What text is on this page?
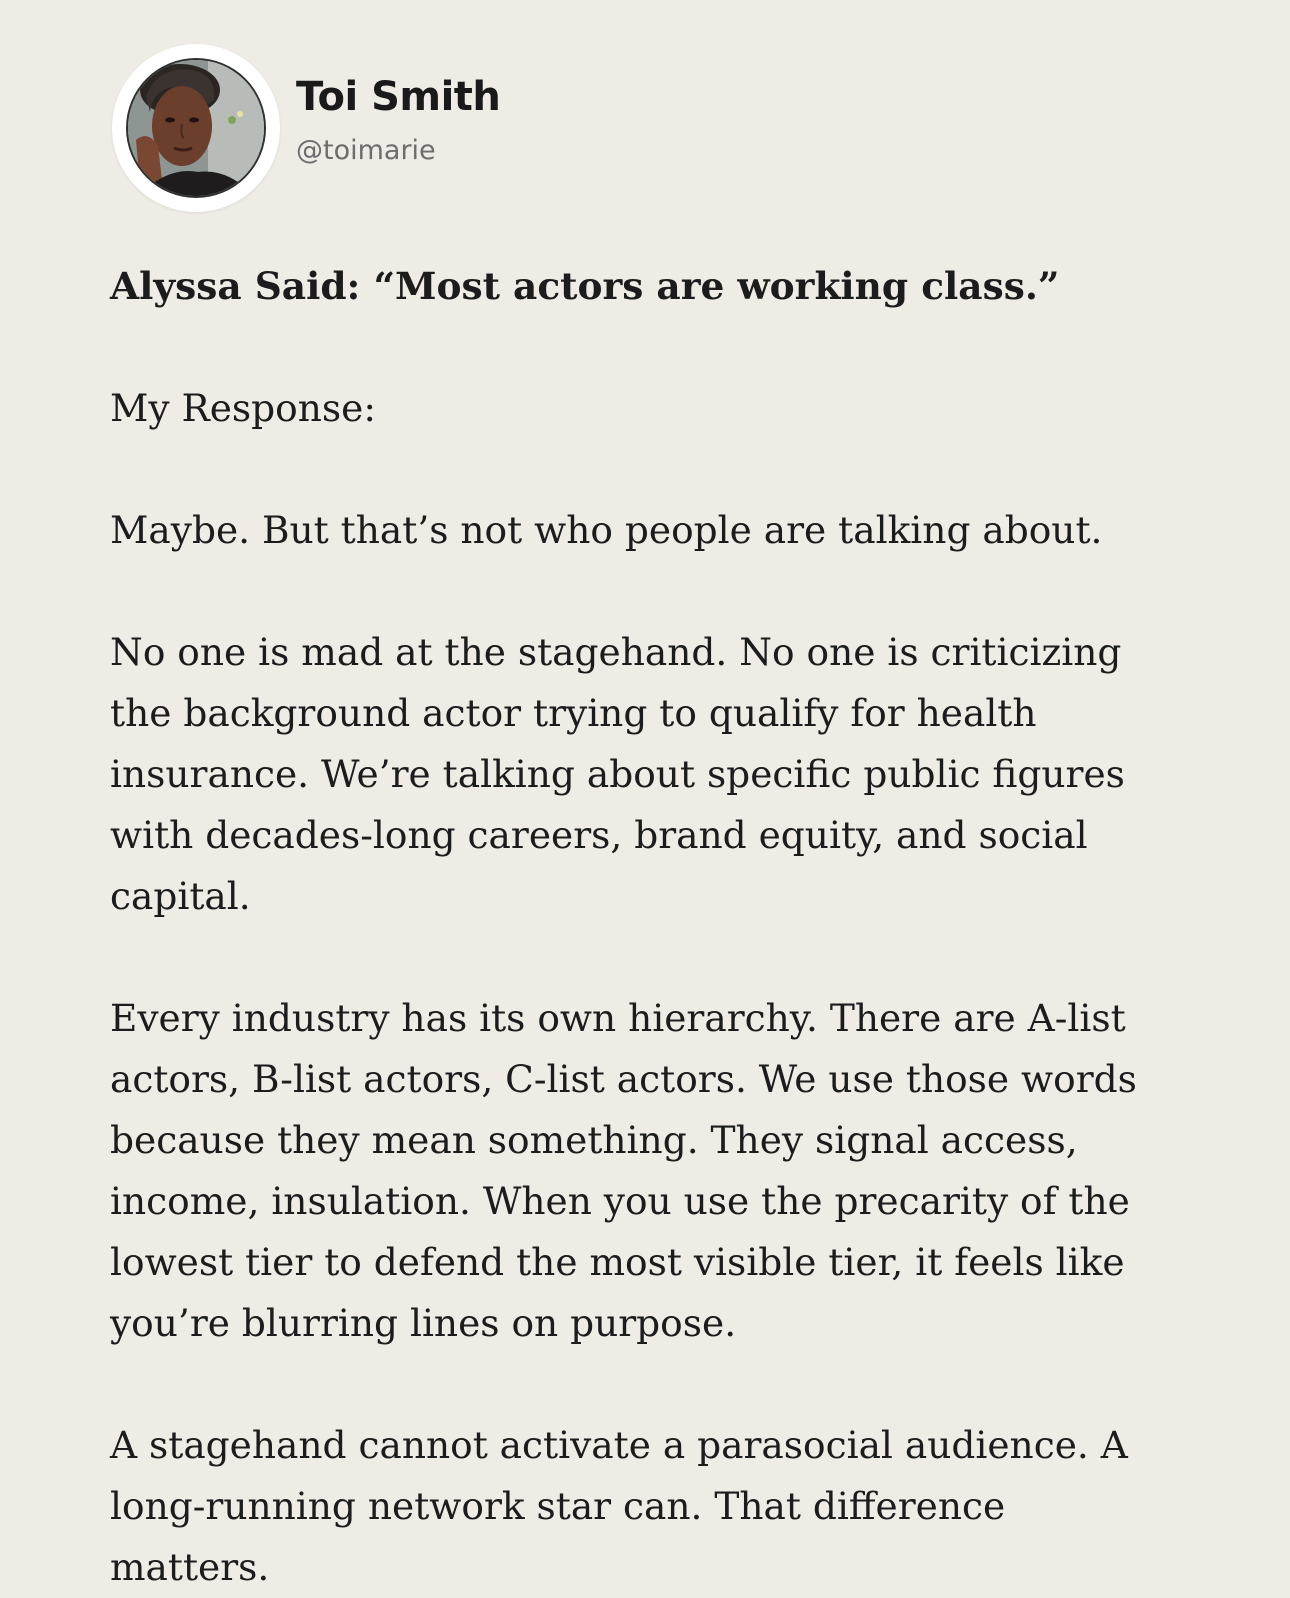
Toi Smith
@toimarie

Alyssa Said: “Most actors are working class.”

My Response:

Maybe. But that’s not who people are talking about.

No one is mad at the stagehand. No one is criticizing the background actor trying to qualify for health insurance. We’re talking about specific public figures with decades-long careers, brand equity, and social capital.

Every industry has its own hierarchy. There are A-list actors, B-list actors, C-list actors. We use those words because they mean something. They signal access, income, insulation. When you use the precarity of the lowest tier to defend the most visible tier, it feels like you’re blurring lines on purpose.

A stagehand cannot activate a parasocial audience. A long-running network star can. That difference matters.
